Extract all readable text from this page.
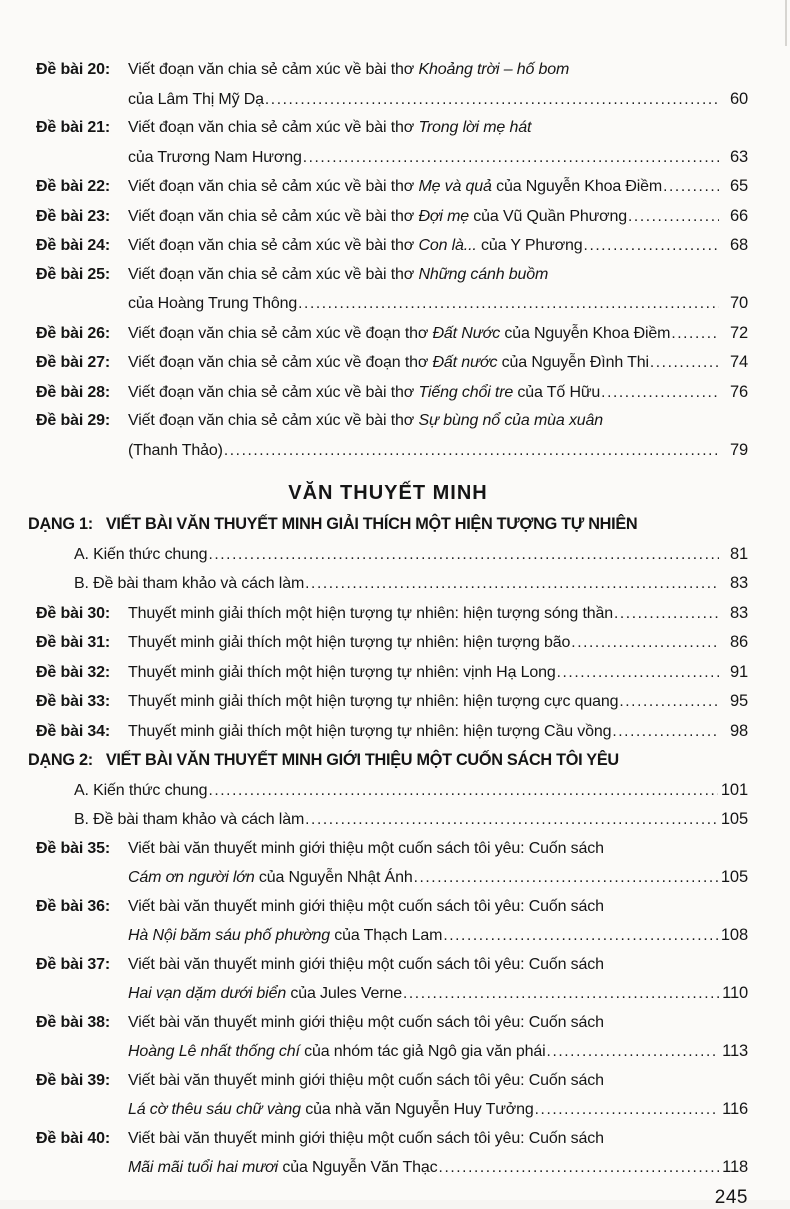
Đề bài 20:	Viết đoạn văn chia sẻ cảm xúc về bài thơ Khoảng trời – hố bom
của Lâm Thị Mỹ Dạ .....	60
Đề bài 21:	Viết đoạn văn chia sẻ cảm xúc về bài thơ Trong lời mẹ hát
của Trương Nam Hương .....	63
Đề bài 22:	Viết đoạn văn chia sẻ cảm xúc về bài thơ Mẹ và quả của Nguyễn Khoa Điềm .....	65
Đề bài 23:	Viết đoạn văn chia sẻ cảm xúc về bài thơ Đợi mẹ của Vũ Quần Phương .....	66
Đề bài 24:	Viết đoạn văn chia sẻ cảm xúc về bài thơ Con là... của Y Phương .....	68
Đề bài 25:	Viết đoạn văn chia sẻ cảm xúc về bài thơ Những cánh buồm
của Hoàng Trung Thông .....	70
Đề bài 26:	Viết đoạn văn chia sẻ cảm xúc về đoạn thơ Đất Nước của Nguyễn Khoa Điềm .....	72
Đề bài 27:	Viết đoạn văn chia sẻ cảm xúc về đoạn thơ Đất nước của Nguyễn Đình Thi .....	74
Đề bài 28:	Viết đoạn văn chia sẻ cảm xúc về bài thơ Tiếng chổi tre của Tố Hữu .....	76
Đề bài 29:	Viết đoạn văn chia sẻ cảm xúc về bài thơ Sự bùng nổ của mùa xuân
(Thanh Thảo) .....	79
VĂN THUYẾT MINH
DẠNG 1: VIẾT BÀI VĂN THUYẾT MINH GIẢI THÍCH MỘT HIỆN TƯỢNG TỰ NHIÊN
A. Kiến thức chung .....	81
B. Đề bài tham khảo và cách làm .....	83
Đề bài 30:	Thuyết minh giải thích một hiện tượng tự nhiên: hiện tượng sóng thần .....	83
Đề bài 31:	Thuyết minh giải thích một hiện tượng tự nhiên: hiện tượng bão .....	86
Đề bài 32:	Thuyết minh giải thích một hiện tượng tự nhiên: vịnh Hạ Long .....	91
Đề bài 33:	Thuyết minh giải thích một hiện tượng tự nhiên: hiện tượng cực quang .....	95
Đề bài 34:	Thuyết minh giải thích một hiện tượng tự nhiên: hiện tượng Cầu vồng .....	98
DẠNG 2: VIẾT BÀI VĂN THUYẾT MINH GIỚI THIỆU MỘT CUỐN SÁCH TÔI YÊU
A. Kiến thức chung .....	101
B. Đề bài tham khảo và cách làm .....	105
Đề bài 35:	Viết bài văn thuyết minh giới thiệu một cuốn sách tôi yêu: Cuốn sách
Cám ơn người lớn của Nguyễn Nhật Ánh .....	105
Đề bài 36:	Viết bài văn thuyết minh giới thiệu một cuốn sách tôi yêu: Cuốn sách
Hà Nội băm sáu phố phường của Thạch Lam .....	108
Đề bài 37:	Viết bài văn thuyết minh giới thiệu một cuốn sách tôi yêu: Cuốn sách
Hai vạn dặm dưới biển của Jules Verne .....	110
Đề bài 38:	Viết bài văn thuyết minh giới thiệu một cuốn sách tôi yêu: Cuốn sách
Hoàng Lê nhất thống chí của nhóm tác giả Ngô gia văn phái .....	113
Đề bài 39:	Viết bài văn thuyết minh giới thiệu một cuốn sách tôi yêu: Cuốn sách
Lá cờ thêu sáu chữ vàng của nhà văn Nguyễn Huy Tưởng .....	116
Đề bài 40:	Viết bài văn thuyết minh giới thiệu một cuốn sách tôi yêu: Cuốn sách
Mãi mãi tuổi hai mươi của Nguyễn Văn Thạc .....	118
245
